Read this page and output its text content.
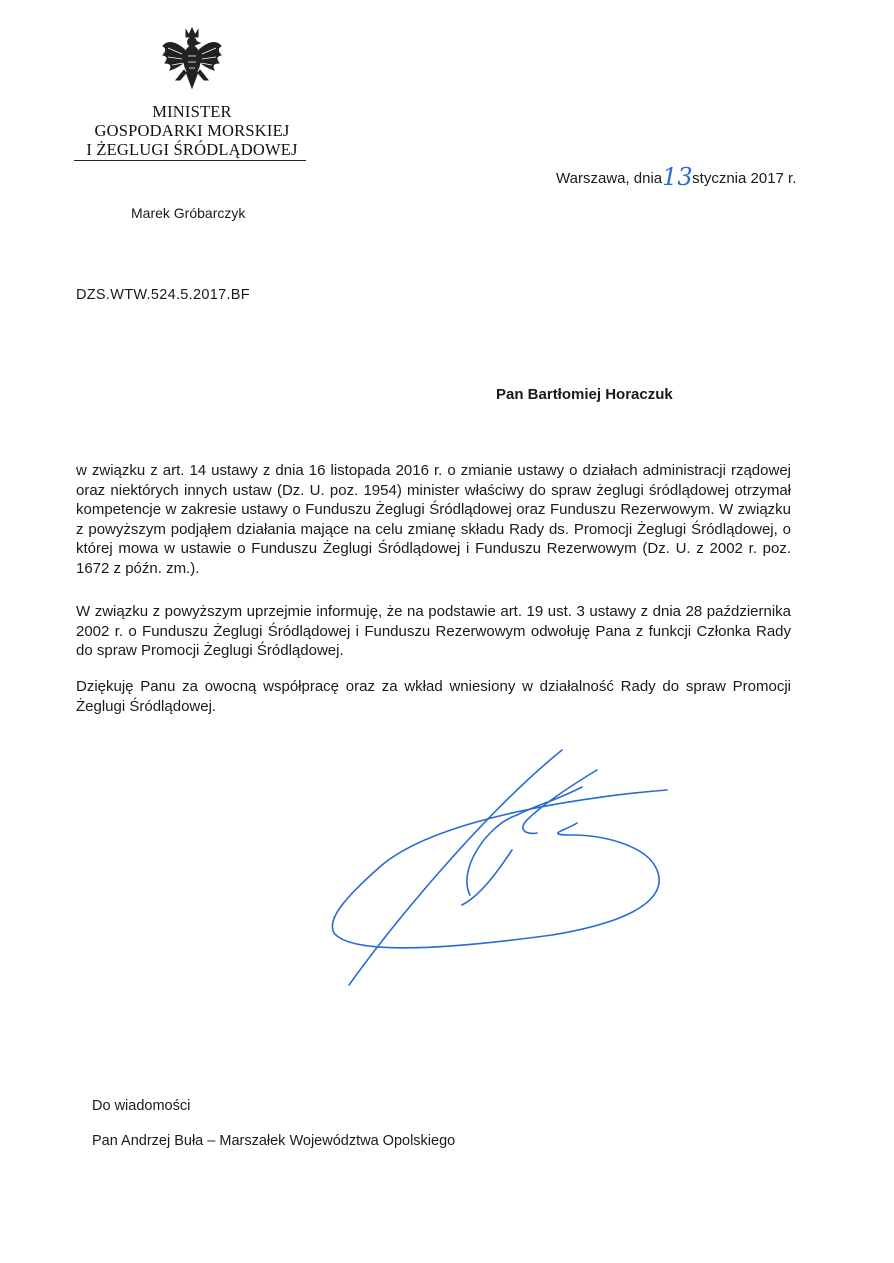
MINISTER
GOSPODARKI MORSKIEJ
I ŻEGLUGI ŚRÓDLĄDOWEJ
Warszawa, dnia13stycznia 2017 r.
Marek Gróbarczyk
DZS.WTW.524.5.2017.BF
Pan Bartłomiej Horaczuk
w związku z art. 14 ustawy z dnia 16 listopada 2016 r. o zmianie ustawy o działach administracji rządowej oraz niektórych innych ustaw (Dz. U. poz. 1954) minister właściwy do spraw żeglugi śródlądowej otrzymał kompetencje w zakresie ustawy o Funduszu Żeglugi Śródlądowej oraz Funduszu Rezerwowym. W związku z powyższym podjąłem działania mające na celu zmianę składu Rady ds. Promocji Żeglugi Śródlądowej, o której mowa w ustawie o Funduszu Żeglugi Śródlądowej i Funduszu Rezerwowym (Dz. U. z 2002 r. poz. 1672 z późn. zm.).
W związku z powyższym uprzejmie informuję, że na podstawie art. 19 ust. 3 ustawy z dnia 28 października 2002 r. o Funduszu Żeglugi Śródlądowej i Funduszu Rezerwowym odwołuję Pana z funkcji Członka Rady do spraw Promocji Żeglugi Śródlądowej.
Dziękuję Panu za owocną współpracę oraz za wkład wniesiony w działalność Rady do spraw Promocji Żeglugi Śródlądowej.
Do wiadomości
Pan Andrzej Buła – Marszałek Województwa Opolskiego
